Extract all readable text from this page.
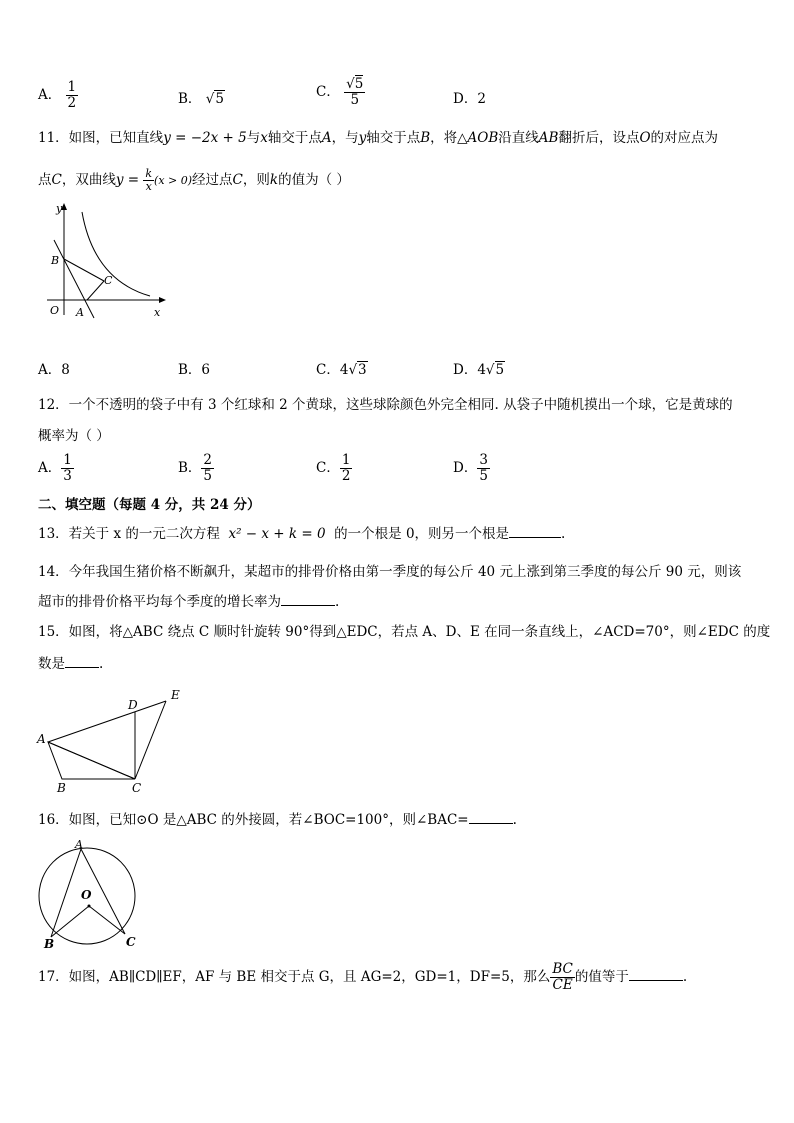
A． $\frac{1}{2}$	B． √5	C． $\frac{√5}{5}$	D．2
11．如图，已知直线y = −2x + 5与x轴交于点A，与y轴交于点B，将△AOB沿直线AB翻折后，设点O的对应点为
点C，双曲线$y = \frac{k}{x} (x > 0)$经过点C，则k的值为（ ）
y
x
O A
B
C
A．8	B．6	C．4√3	D．4√5
12．一个不透明的袋子中有 3 个红球和 2 个黄球，这些球除颜色外完全相同. 从袋子中随机摸出一个球，它是黄球的
概率为（ ）
A． $\frac{1}{3}$	B． $\frac{2}{5}$	C． $\frac{1}{2}$	D． $\frac{3}{5}$
二、填空题（每题 4 分，共 24 分）
13．若关于 x 的一元二次方程 x² − x + k = 0 的一个根是 0，则另一个根是	.
14．今年我国生猪价格不断飙升，某超市的排骨价格由第一季度的每公斤 40 元上涨到第三季度的每公斤 90 元，则该
超市的排骨价格平均每个季度的增长率为	.
15．如图，将△ABC 绕点 C 顺时针旋转 90°得到△EDC，若点 A、D、E 在同一条直线上，∠ACD=70°，则∠EDC 的度
数是	.
A
B	C
D
E
16．如图，已知⊙O 是△ABC 的外接圆，若∠BOC=100°，则∠BAC=	.
A
O
B	C
17．如图，AB∥CD∥EF，AF 与 BE 相交于点 G，且 AG=2，GD=1，DF=5，那么 $\frac{BC}{CE}$ 的值等于	.
